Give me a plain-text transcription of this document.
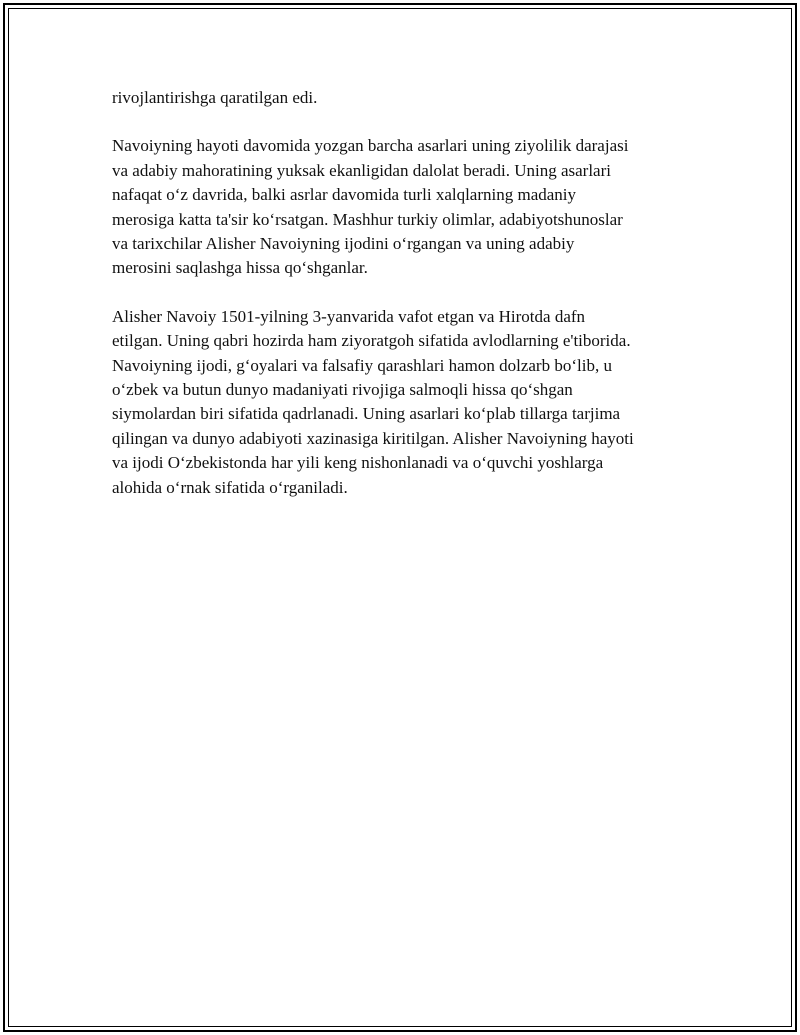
rivojlantirishga qaratilgan edi.

Navoiyning hayoti davomida yozgan barcha asarlari uning ziyolilik darajasi
va adabiy mahoratining yuksak ekanligidan dalolat beradi. Uning asarlari
nafaqat oʻz davrida, balki asrlar davomida turli xalqlarning madaniy
merosiga katta ta'sir koʻrsatgan. Mashhur turkiy olimlar, adabiyotshunoslar
va tarixchilar Alisher Navoiyning ijodini oʻrgangan va uning adabiy
merosini saqlashga hissa qoʻshganlar.

Alisher Navoiy 1501-yilning 3-yanvarida vafot etgan va Hirotda dafn
etilgan. Uning qabri hozirda ham ziyoratgoh sifatida avlodlarning e'tiborida.
Navoiyning ijodi, gʻoyalari va falsafiy qarashlari hamon dolzarb boʻlib, u
oʻzbek va butun dunyo madaniyati rivojiga salmoqli hissa qoʻshgan
siymolardan biri sifatida qadrlanadi. Uning asarlari koʻplab tillarga tarjima
qilingan va dunyo adabiyoti xazinasiga kiritilgan. Alisher Navoiyning hayoti
va ijodi Oʻzbekistonda har yili keng nishonlanadi va oʻquvchi yoshlarga
alohida oʻrnak sifatida oʻrganiladi.
